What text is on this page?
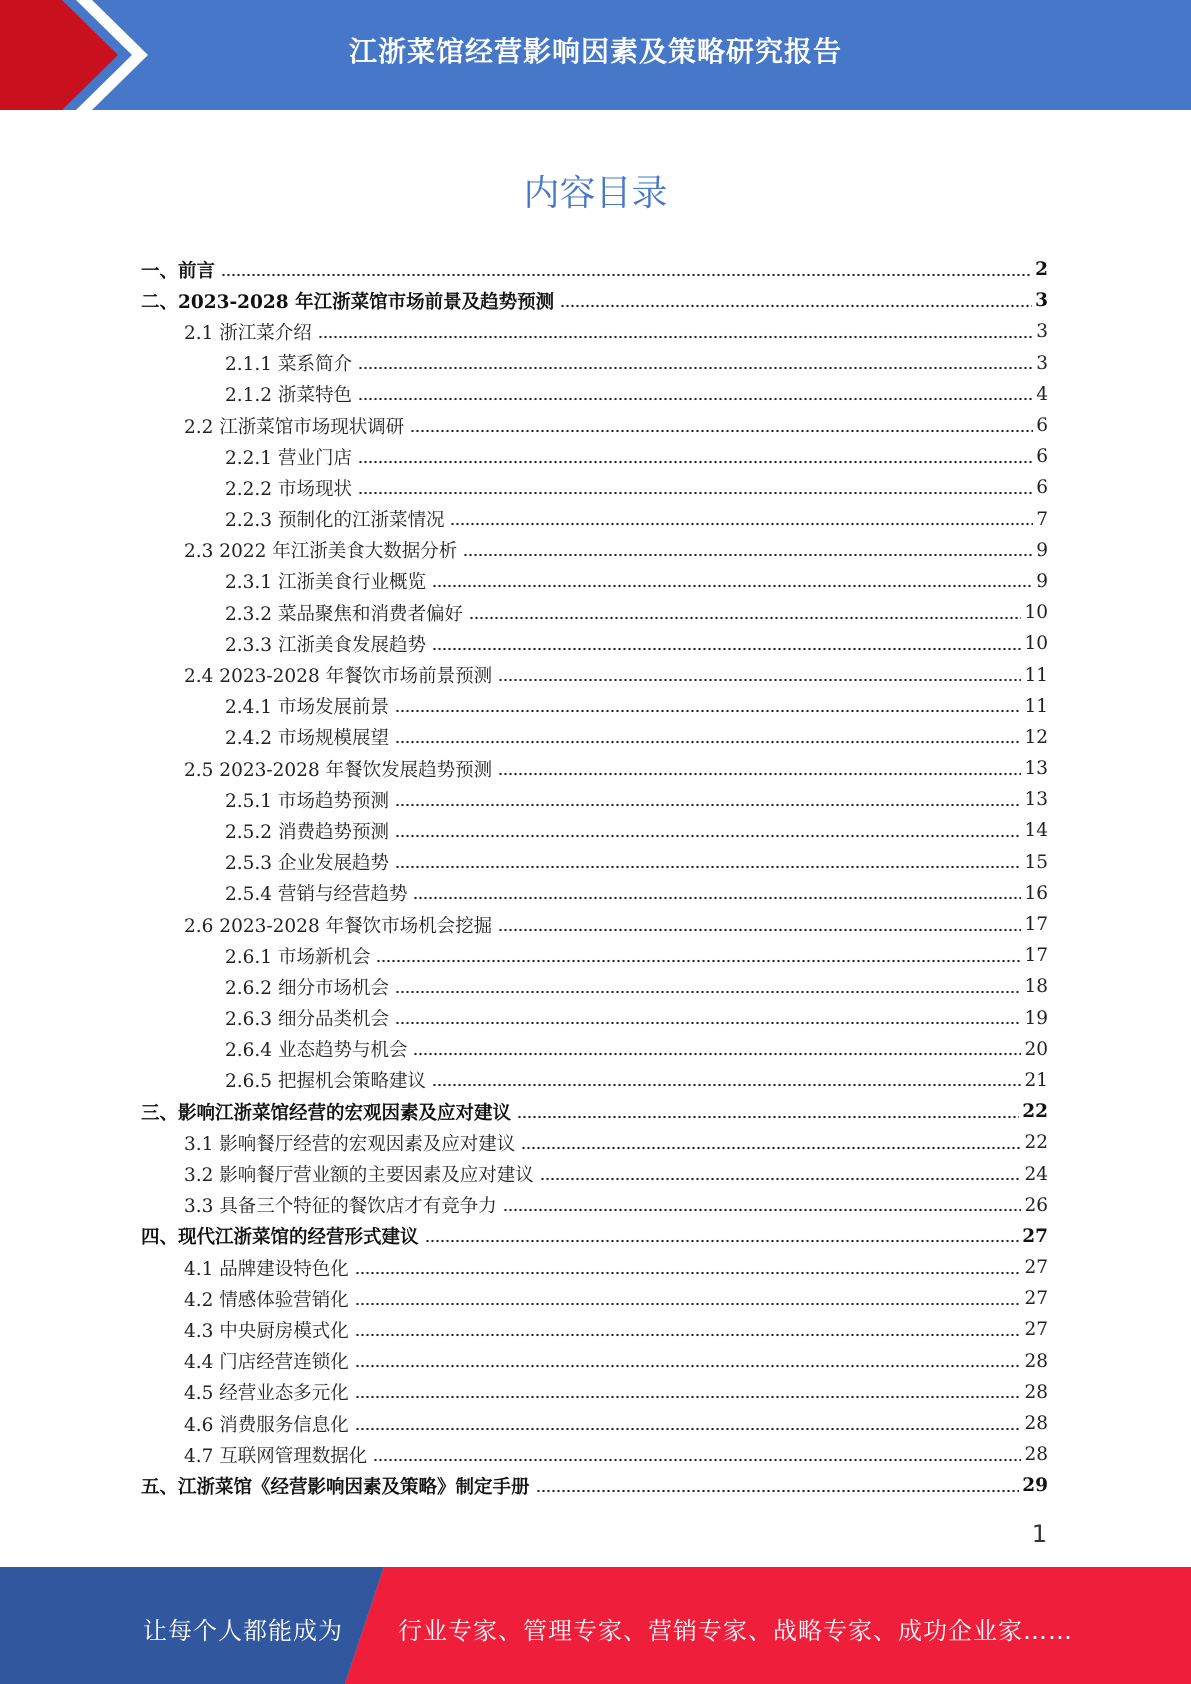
江浙菜馆经营影响因素及策略研究报告
内容目录
一、前言	2
二、2023-2028 年江浙菜馆市场前景及趋势预测	3
2.1 浙江菜介绍	3
2.1.1 菜系简介	3
2.1.2 浙菜特色	4
2.2 江浙菜馆市场现状调研	6
2.2.1 营业门店	6
2.2.2 市场现状	6
2.2.3 预制化的江浙菜情况	7
2.3 2022 年江浙美食大数据分析	9
2.3.1 江浙美食行业概览	9
2.3.2 菜品聚焦和消费者偏好	10
2.3.3 江浙美食发展趋势	10
2.4 2023-2028 年餐饮市场前景预测	11
2.4.1 市场发展前景	11
2.4.2 市场规模展望	12
2.5 2023-2028 年餐饮发展趋势预测	13
2.5.1 市场趋势预测	13
2.5.2 消费趋势预测	14
2.5.3 企业发展趋势	15
2.5.4 营销与经营趋势	16
2.6 2023-2028 年餐饮市场机会挖掘	17
2.6.1 市场新机会	17
2.6.2 细分市场机会	18
2.6.3 细分品类机会	19
2.6.4 业态趋势与机会	20
2.6.5 把握机会策略建议	21
三、影响江浙菜馆经营的宏观因素及应对建议	22
3.1 影响餐厅经营的宏观因素及应对建议	22
3.2 影响餐厅营业额的主要因素及应对建议	24
3.3 具备三个特征的餐饮店才有竞争力	26
四、现代江浙菜馆的经营形式建议	27
4.1 品牌建设特色化	27
4.2 情感体验营销化	27
4.3 中央厨房模式化	27
4.4 门店经营连锁化	28
4.5 经营业态多元化	28
4.6 消费服务信息化	28
4.7 互联网管理数据化	28
五、江浙菜馆《经营影响因素及策略》制定手册	29
1
让每个人都能成为 行业专家、管理专家、营销专家、战略专家、成功企业家……
